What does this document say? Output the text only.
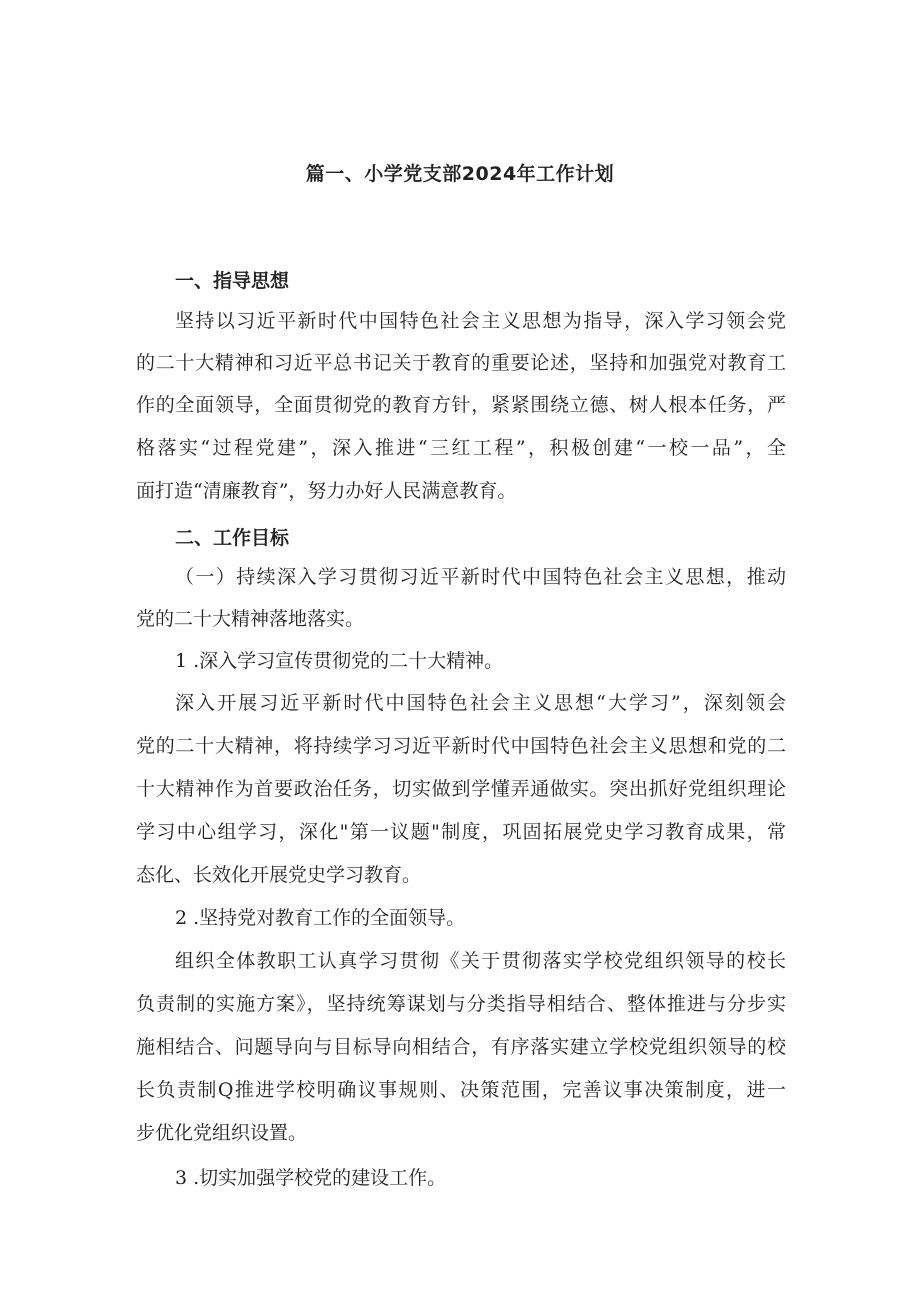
篇一、小学党支部2024年工作计划
一、指导思想
坚持以习近平新时代中国特色社会主义思想为指导，深入学习领会党
的二十大精神和习近平总书记关于教育的重要论述，坚持和加强党对教育工
作的全面领导，全面贯彻党的教育方针，紧紧围绕立德、树人根本任务，严
格落实“过程党建”，深入推进“三红工程”，积极创建“一校一品”，全
面打造“清廉教育”，努力办好人民满意教育。
二、工作目标
（一）持续深入学习贯彻习近平新时代中国特色社会主义思想，推动
党的二十大精神落地落实。
1 .深入学习宣传贯彻党的二十大精神。
深入开展习近平新时代中国特色社会主义思想“大学习”，深刻领会
党的二十大精神，将持续学习习近平新时代中国特色社会主义思想和党的二
十大精神作为首要政治任务，切实做到学懂弄通做实。突出抓好党组织理论
学习中心组学习，深化"第一议题"制度，巩固拓展党史学习教育成果，常
态化、长效化开展党史学习教育。
2 .坚持党对教育工作的全面领导。
组织全体教职工认真学习贯彻《关于贯彻落实学校党组织领导的校长
负责制的实施方案》，坚持统筹谋划与分类指导相结合、整体推进与分步实
施相结合、问题导向与目标导向相结合，有序落实建立学校党组织领导的校
长负责制Q推进学校明确议事规则、决策范围，完善议事决策制度，进一
步优化党组织设置。
3 .切实加强学校党的建设工作。
